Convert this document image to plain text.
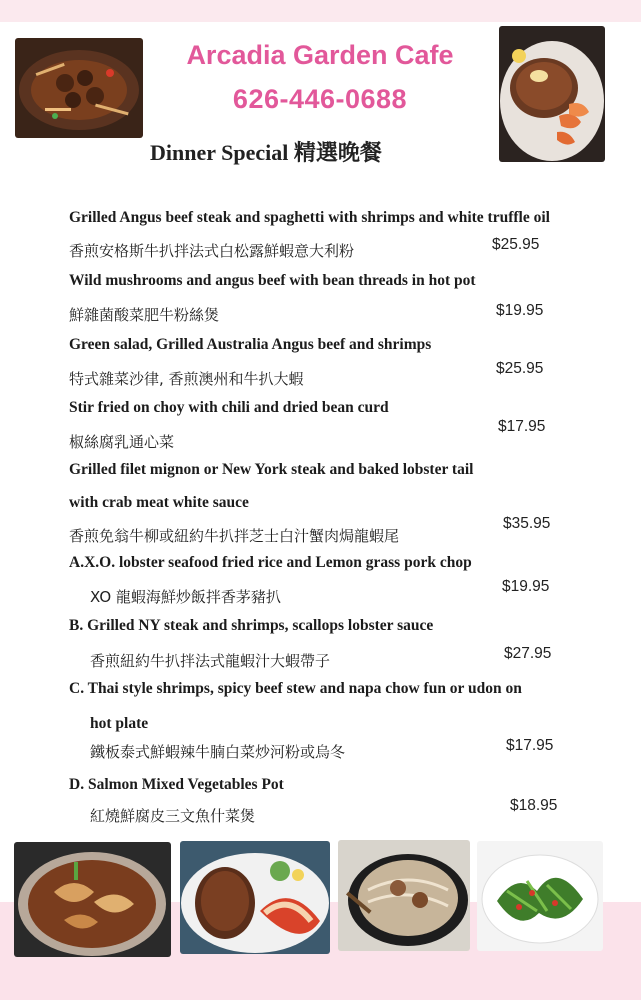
Arcadia Garden Cafe
626-446-0688
Dinner Special 精選晚餐
Grilled Angus beef steak and spaghetti with shrimps and white truffle oil
香煎安格斯牛扒拌法式白松露鮮蝦意大利粉	$25.95
Wild mushrooms and angus beef with bean threads in hot pot
鮮雜菌酸菜肥牛粉絲煲	$19.95
Green salad, Grilled Australia Angus beef and shrimps
特式雜菜沙律, 香煎澳州和牛扒大蝦
$25.95
Stir fried on choy with chili and dried bean curd
椒絲腐乳通心菜
$17.95
Grilled filet mignon or New York steak and baked lobster tail
with crab meat white sauce
香煎免翁牛柳或紐約牛扒拌芝士白汁蟹肉焗龍蝦尾
$35.95
A.X.O. lobster seafood fried rice and Lemon grass pork chop
XO 龍蝦海鮮炒飯拌香茅豬扒
$19.95
B. Grilled NY steak and shrimps, scallops lobster sauce
香煎紐約牛扒拌法式龍蝦汁大蝦帶子	$27.95
C. Thai style shrimps, spicy beef stew and napa chow fun or udon on
hot plate
鐵板泰式鮮蝦辣牛腩白菜炒河粉或烏冬	$17.95
D. Salmon Mixed Vegetables Pot
紅燒鮮腐皮三文魚什菜煲
$18.95
